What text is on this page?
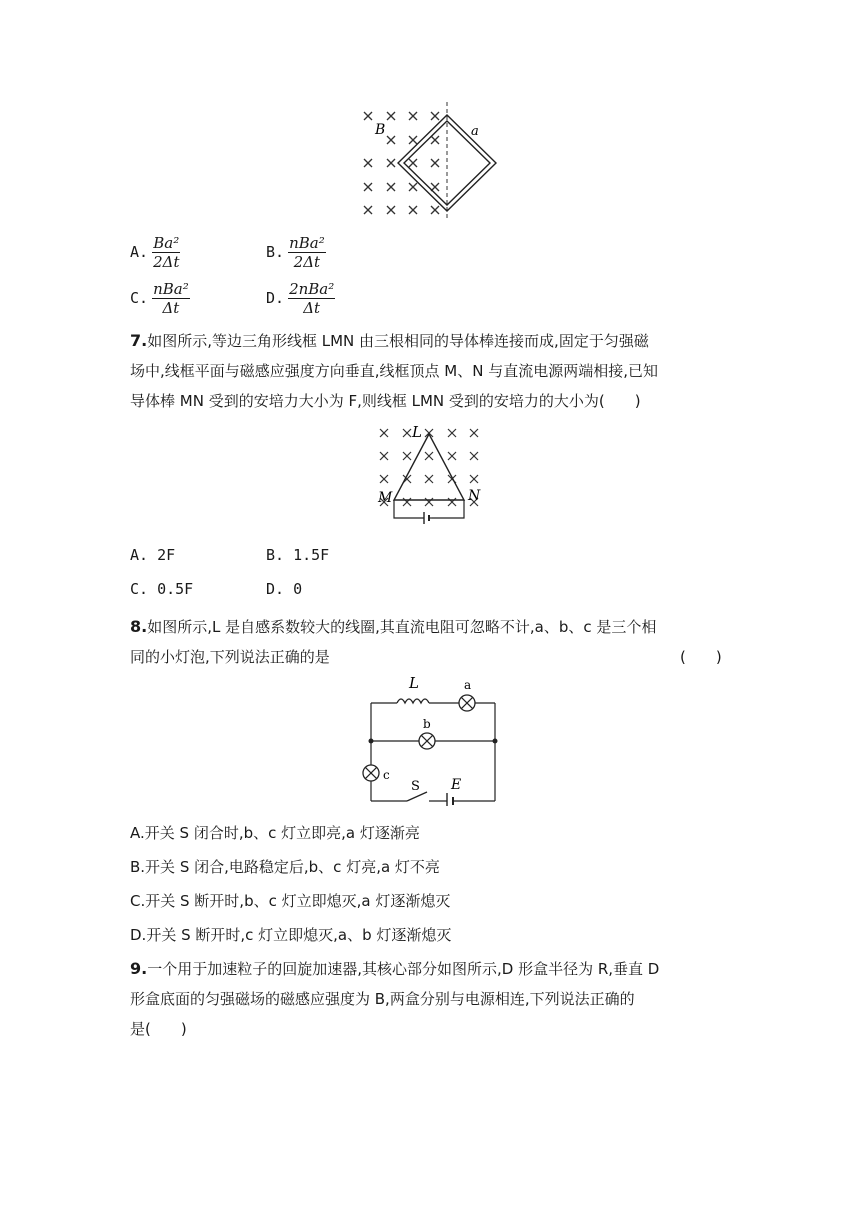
B	a
A. $\frac{\text{Ba²}}{2\Delta t}$	B. $\frac{\text{nBa²}}{2\Delta t}$
C. $\frac{\text{nBa²}}{\Delta t}$	D. $\frac{\text{2nBa²}}{\Delta t}$
7.如图所示,等边三角形线框 LMN 由三根相同的导体棒连接而成,固定于匀强磁
场中,线框平面与磁感应强度方向垂直,线框顶点 M、N 与直流电源两端相接,已知
导体棒 MN 受到的安培力大小为 F,则线框 LMN 受到的安培力的大小为(　　)
L
M	N
A. 2F	B. 1.5F
C. 0.5F	D. 0
8.如图所示,L 是自感系数较大的线圈,其直流电阻可忽略不计,a、b、c 是三个相
同的小灯泡,下列说法正确的是	(　　)
L	a
b
c
S E
A.开关 S 闭合时,b、c 灯立即亮,a 灯逐渐亮
B.开关 S 闭合,电路稳定后,b、c 灯亮,a 灯不亮
C.开关 S 断开时,b、c 灯立即熄灭,a 灯逐渐熄灭
D.开关 S 断开时,c 灯立即熄灭,a、b 灯逐渐熄灭
9.一个用于加速粒子的回旋加速器,其核心部分如图所示,D 形盒半径为 R,垂直 D
形盒底面的匀强磁场的磁感应强度为 B,两盒分别与电源相连,下列说法正确的
是(　　)
